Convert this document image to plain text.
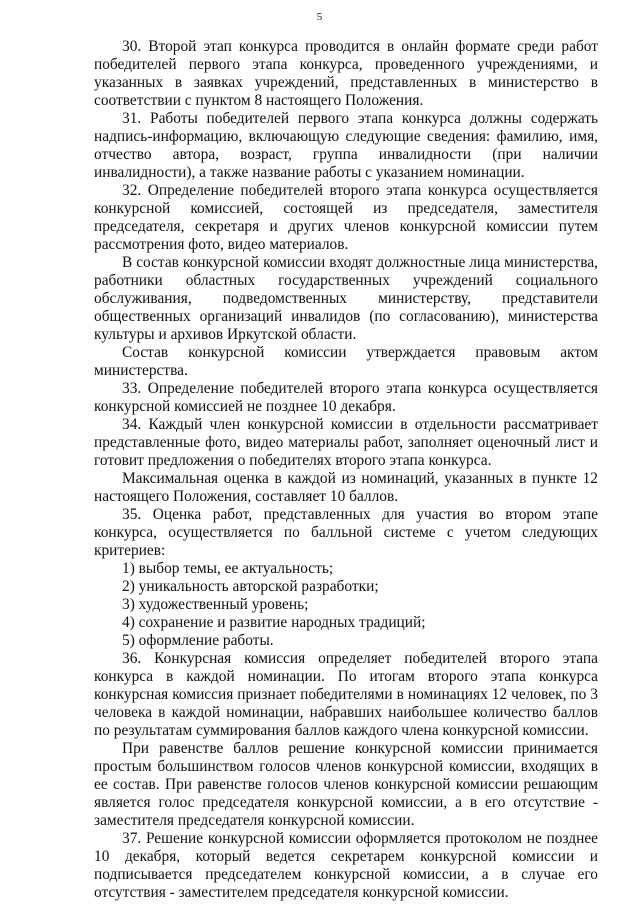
5

30. Второй этап конкурса проводится в онлайн формате среди работ победителей первого этапа конкурса, проведенного учреждениями, и указанных в заявках учреждений, представленных в министерство в соответствии с пунктом 8 настоящего Положения.

31. Работы победителей первого этапа конкурса должны содержать надпись-информацию, включающую следующие сведения: фамилию, имя, отчество автора, возраст, группа инвалидности (при наличии инвалидности), а также название работы с указанием номинации.

32. Определение победителей второго этапа конкурса осуществляется конкурсной комиссией, состоящей из председателя, заместителя председателя, секретаря и других членов конкурсной комиссии путем рассмотрения фото, видео материалов.

В состав конкурсной комиссии входят должностные лица министерства, работники областных государственных учреждений социального обслуживания, подведомственных министерству, представители общественных организаций инвалидов (по согласованию), министерства культуры и архивов Иркутской области.

Состав конкурсной комиссии утверждается правовым актом министерства.

33. Определение победителей второго этапа конкурса осуществляется конкурсной комиссией не позднее 10 декабря.

34. Каждый член конкурсной комиссии в отдельности рассматривает представленные фото, видео материалы работ, заполняет оценочный лист и готовит предложения о победителях второго этапа конкурса.

Максимальная оценка в каждой из номинаций, указанных в пункте 12 настоящего Положения, составляет 10 баллов.

35. Оценка работ, представленных для участия во втором этапе конкурса, осуществляется по балльной системе с учетом следующих критериев:

1) выбор темы, ее актуальность;

2) уникальность авторской разработки;

3) художественный уровень;

4) сохранение и развитие народных традиций;

5) оформление работы.

36. Конкурсная комиссия определяет победителей второго этапа конкурса в каждой номинации. По итогам второго этапа конкурса конкурсная комиссия признает победителями в номинациях 12 человек, по 3 человека в каждой номинации, набравших наибольшее количество баллов по результатам суммирования баллов каждого члена конкурсной комиссии.

При равенстве баллов решение конкурсной комиссии принимается простым большинством голосов членов конкурсной комиссии, входящих в ее состав. При равенстве голосов членов конкурсной комиссии решающим является голос председателя конкурсной комиссии, а в его отсутствие - заместителя председателя конкурсной комиссии.

37. Решение конкурсной комиссии оформляется протоколом не позднее 10 декабря, который ведется секретарем конкурсной комиссии и подписывается председателем конкурсной комиссии, а в случае его отсутствия - заместителем председателя конкурсной комиссии.
